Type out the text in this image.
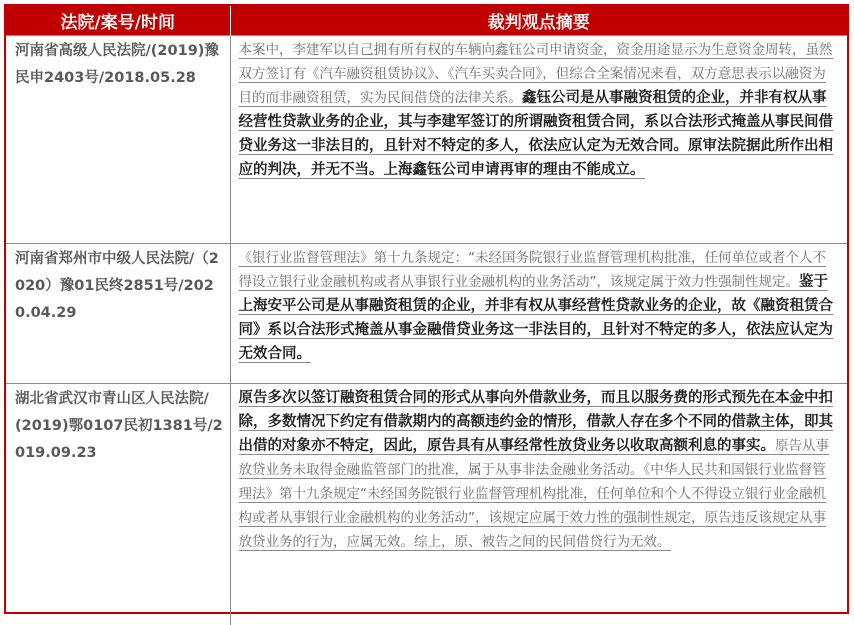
法院/案号/时间	裁判观点摘要
河南省高级人民法院/(2019)豫民申2403号/2018.05.28	本案中，李建军以自己拥有所有权的车辆向鑫钰公司申请资金，资金用途显示为生意资金周转，虽然双方签订有《汽车融资租赁协议》、《汽车买卖合同》，但综合全案情况来看，双方意思表示以融资为目的而非融资租赁，实为民间借贷的法律关系。鑫钰公司是从事融资租赁的企业，并非有权从事经营性贷款业务的企业，其与李建军签订的所谓融资租赁合同，系以合法形式掩盖从事民间借贷业务这一非法目的，且针对不特定的多人，依法应认定为无效合同。原审法院据此所作出相应的判决，并无不当。上海鑫钰公司申请再审的理由不能成立。
河南省郑州市中级人民法院/（2020）豫01民终2851号/2020.04.29	《银行业监督管理法》第十九条规定：“未经国务院银行业监督管理机构批准，任何单位或者个人不得设立银行业金融机构或者从事银行业金融机构的业务活动”，该规定属于效力性强制性规定。鉴于上海安平公司是从事融资租赁的企业，并非有权从事经营性贷款业务的企业，故《融资租赁合同》系以合法形式掩盖从事金融借贷业务这一非法目的，且针对不特定的多人，依法应认定为无效合同。
湖北省武汉市青山区人民法院/(2019)鄂0107民初1381号/2019.09.23	原告多次以签订融资租赁合同的形式从事向外借款业务，而且以服务费的形式预先在本金中扣除，多数情况下约定有借款期内的高额违约金的情形，借款人存在多个不同的借款主体，即其出借的对象亦不特定，因此，原告具有从事经常性放贷业务以收取高额利息的事实。原告从事放贷业务未取得金融监管部门的批准，属于从事非法金融业务活动。《中华人民共和国银行业监督管理法》第十九条规定“未经国务院银行业监督管理机构批准，任何单位和个人不得设立银行业金融机构或者从事银行业金融机构的业务活动”，该规定应属于效力性的强制性规定，原告违反该规定从事放贷业务的行为，应属无效。综上，原、被告之间的民间借贷行为无效。
